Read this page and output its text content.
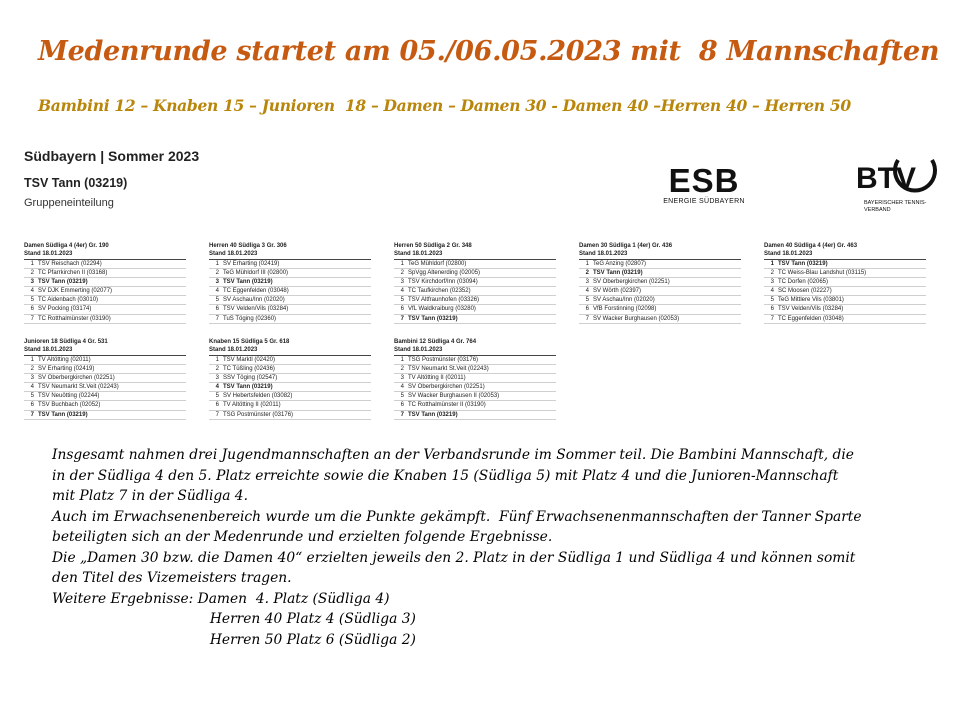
Medenrunde startet am 05./06.05.2023 mit  8 Mannschaften
Bambini 12 – Knaben 15 – Junioren  18 – Damen – Damen 30 - Damen 40 –Herren 40 – Herren 50
Südbayern | Sommer 2023
TSV Tann (03219)
Gruppeneinteilung
ESB
ENERGIE SÜDBAYERN
BTV
BAYERISCHER TENNIS-VERBAND
Damen Südliga 4 (4er) Gr. 190
Stand 18.01.2023
1 TSV Reischach (02294)
2 TC Pfarrkirchen II (03168)
3 TSV Tann (03219)
4 SV DJK Emmerting (02077)
5 TC Aidenbach (03010)
6 SV Pocking (03174)
7 TC Rotthalmünster (03190)
Herren 40 Südliga 3 Gr. 306
Stand 18.01.2023
1 SV Erharting (02419)
2 TeG Mühldorf III (02800)
3 TSV Tann (03219)
4 TC Eggenfelden (03048)
5 SV Aschau/Inn (02020)
6 TSV Velden/Vils (03284)
7 TuS Töging (02360)
Herren 50 Südliga 2 Gr. 348
Stand 18.01.2023
1 TeG Mühldorf (02800)
2 SpVgg Altenerding (02005)
3 TSV Kirchdorf/Inn (03094)
4 TC Taufkirchen (02352)
5 TSV Altfraunhofen (03326)
6 VfL Waldkraiburg (03280)
7 TSV Tann (03219)
Damen 30 Südliga 1 (4er) Gr. 436
Stand 18.01.2023
1 TeG Anzing (02807)
2 TSV Tann (03219)
3 SV Oberbergkirchen (02251)
4 SV Wörth (02397)
5 SV Aschau/Inn (02020)
6 VfB Forstinning (02098)
7 SV Wacker Burghausen (02053)
Damen 40 Südliga 4 (4er) Gr. 463
Stand 18.01.2023
1 TSV Tann (03219)
2 TC Weiss-Blau Landshut (03115)
3 TC Dorfen (02065)
4 SC Moosen (02227)
5 TeG Mittlere Vils (03801)
6 TSV Velden/Vils (03284)
7 TC Eggenfelden (03048)
Junioren 18 Südliga 4 Gr. 531
Stand 18.01.2023
1 TV Altötting (02011)
2 SV Erharting (02419)
3 SV Oberbergkirchen (02251)
4 TSV Neumarkt St.Veit (02243)
5 TSV Neuötting (02244)
6 TSV Buchbach (02052)
7 TSV Tann (03219)
Knaben 15 Südliga 5 Gr. 618
Stand 18.01.2023
1 TSV Marktl (02420)
2 TC Tüßling (02436)
3 SSV Töging (02547)
4 TSV Tann (03219)
5 SV Hebertsfelden (03082)
6 TV Altötting II (02011)
7 TSG Postmünster (03176)
Bambini 12 Südliga 4 Gr. 764
Stand 18.01.2023
1 TSG Postmünster (03176)
2 TSV Neumarkt St.Veit (02243)
3 TV Altötting II (02011)
4 SV Oberbergkirchen (02251)
5 SV Wacker Burghausen II (02053)
6 TC Rotthalmünster II (03190)
7 TSV Tann (03219)
Insgesamt nahmen drei Jugendmannschaften an der Verbandsrunde im Sommer teil. Die Bambini Mannschaft, die
in der Südliga 4 den 5. Platz erreichte sowie die Knaben 15 (Südliga 5) mit Platz 4 und die Junioren-Mannschaft
mit Platz 7 in der Südliga 4.
Auch im Erwachsenenbereich wurde um die Punkte gekämpft.  Fünf Erwachsenenmannschaften der Tanner Sparte
beteiligten sich an der Medenrunde und erzielten folgende Ergebnisse.
Die „Damen 30 bzw. die Damen 40“ erzielten jeweils den 2. Platz in der Südliga 1 und Südliga 4 und können somit
den Titel des Vizemeisters tragen.
Weitere Ergebnisse: Damen  4. Platz (Südliga 4)
Herren 40 Platz 4 (Südliga 3)
Herren 50 Platz 6 (Südliga 2)
